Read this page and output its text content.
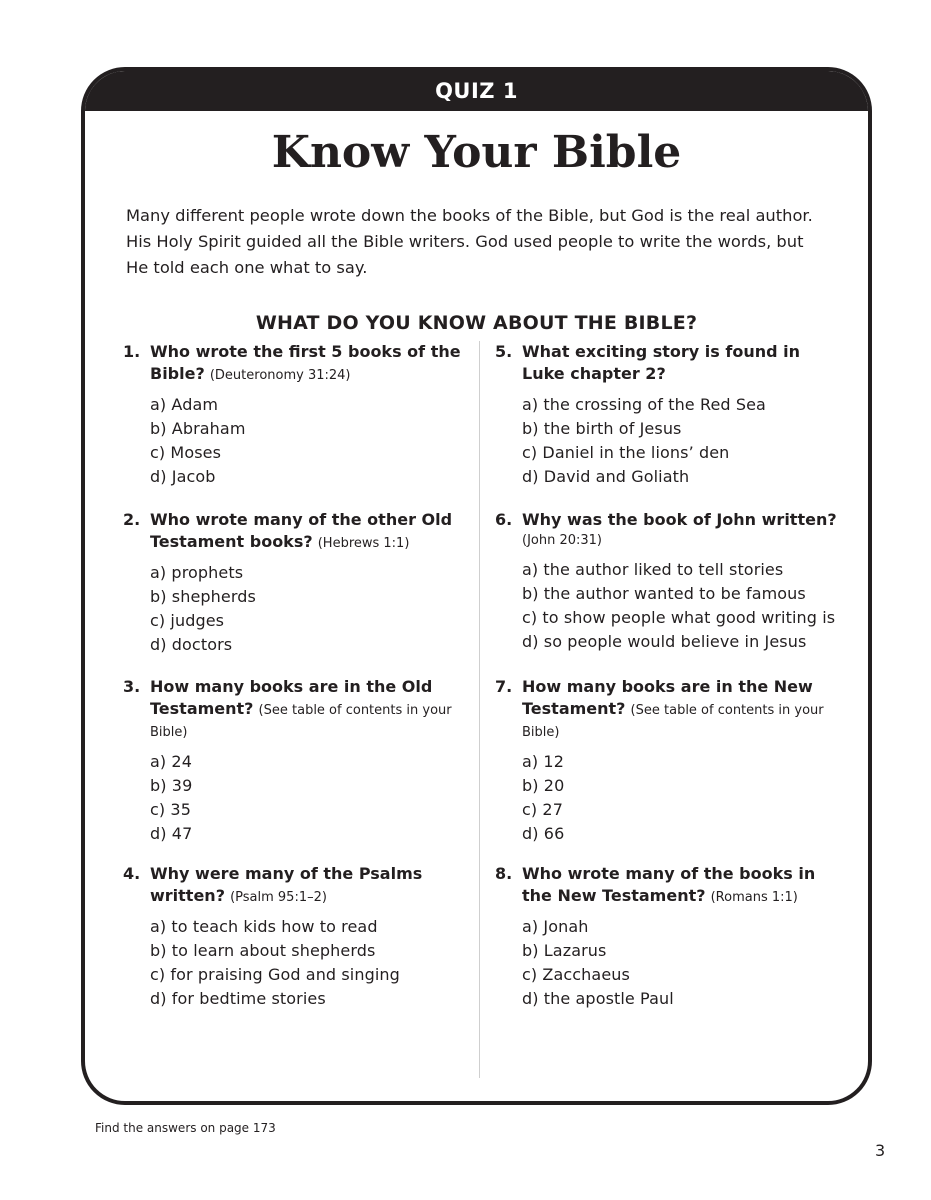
QUIZ 1
Know Your Bible

Many different people wrote down the books of the Bible, but God is the real author. His Holy Spirit guided all the Bible writers. God used people to write the words, but He told each one what to say.

WHAT DO YOU KNOW ABOUT THE BIBLE?
1. Who wrote the first 5 books of the Bible? (Deuteronomy 31:24)
a) Adam
b) Abraham
c) Moses
d) Jacob
2. Who wrote many of the other Old Testament books? (Hebrews 1:1)
a) prophets
b) shepherds
c) judges
d) doctors
3. How many books are in the Old Testament? (See table of contents in your Bible)
a) 24
b) 39
c) 35
d) 47
4. Why were many of the Psalms written? (Psalm 95:1–2)
a) to teach kids how to read
b) to learn about shepherds
c) for praising God and singing
d) for bedtime stories
5. What exciting story is found in Luke chapter 2?
a) the crossing of the Red Sea
b) the birth of Jesus
c) Daniel in the lions’ den
d) David and Goliath
6. Why was the book of John written?
(John 20:31)
a) the author liked to tell stories
b) the author wanted to be famous
c) to show people what good writing is
d) so people would believe in Jesus
7. How many books are in the New Testament? (See table of contents in your Bible)
a) 12
b) 20
c) 27
d) 66
8. Who wrote many of the books in the New Testament? (Romans 1:1)
a) Jonah
b) Lazarus
c) Zacchaeus
d) the apostle Paul
Find the answers on page 173
3
